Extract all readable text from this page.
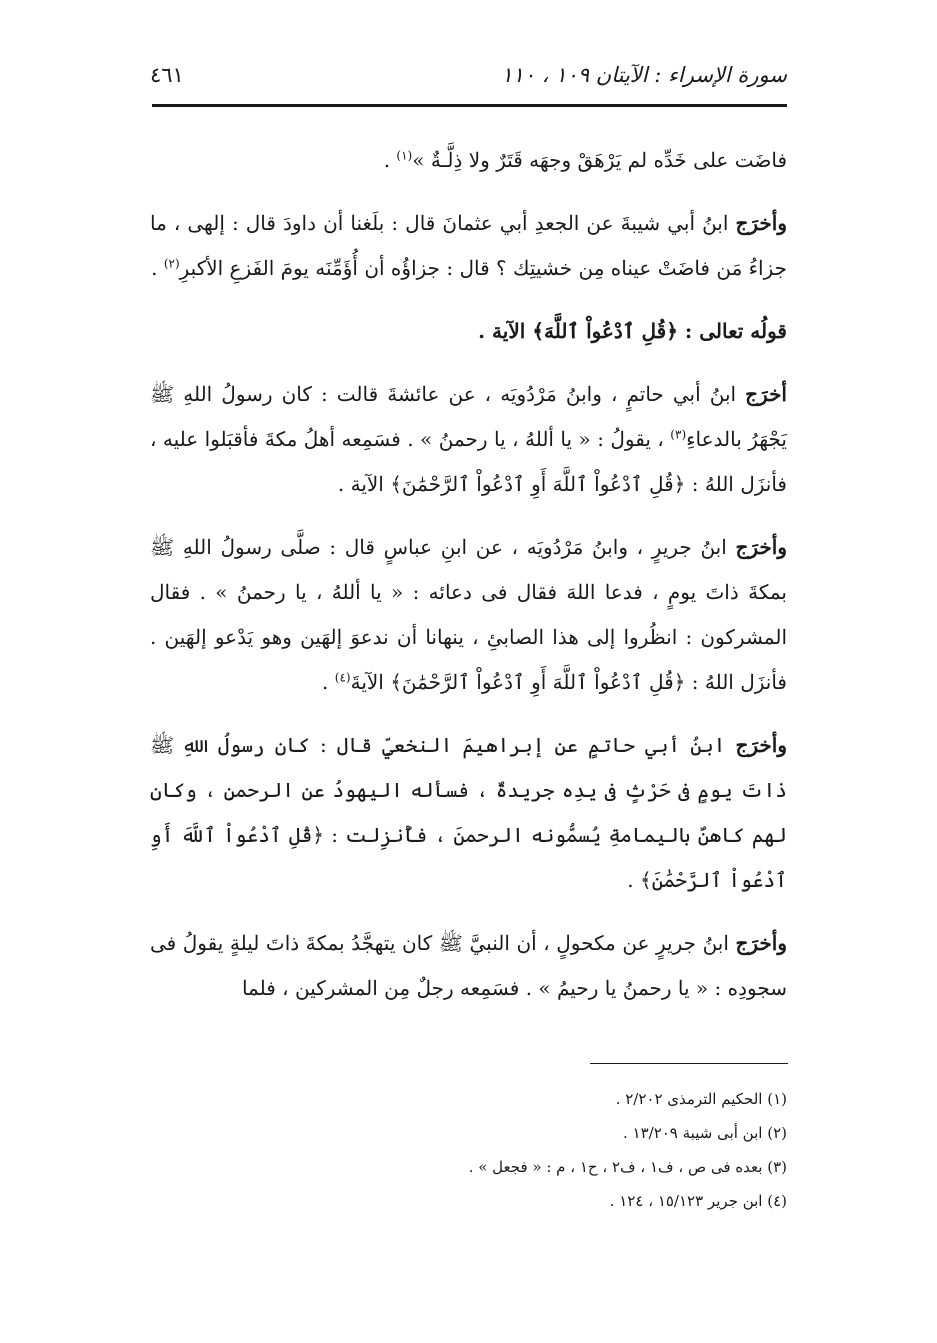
سورة الإسراء : الآيتان ١٠٩ ، ١١٠
٤٦١

فاضَت على خَدِّه لم يَرْهَقْ وجهَه قَتَرٌ ولا ذِلَّـةٌ »$^{(١)}$ .

وأخرَج ابنُ أبي شيبةَ عن الجعدِ أبي عثمانَ قال : بلَغنا أن داودَ قال : إلهى ، ما جزاءُ مَن فاضَتْ عيناه مِن خشيتِك ؟ قال : جزاؤُه أن أُؤَمِّنَه يومَ الفَزعِ الأكبرِ$^{(٢)}$ .

قولُه تعالى : ﴿قُلِ ٱدْعُواْ ٱللَّهَ﴾ الآية .

أخرَج ابنُ أبي حاتمٍ ، وابنُ مَرْدُويَه ، عن عائشةَ قالت : كان رسولُ اللهِ ﷺ يَجْهَرُ بالدعاءِ$^{(٣)}$ ، يقولُ : « يا أللهُ ، يا رحمنُ » . فسَمِعه أهلُ مكةَ فأقبَلوا عليه ، فأنزَل اللهُ : ﴿قُلِ ٱدْعُواْ ٱللَّهَ أَوِ ٱدْعُواْ ٱلرَّحْمَٰنَ﴾ الآية .

وأخرَج ابنُ جريرٍ ، وابنُ مَرْدُويَه ، عن ابنِ عباسٍ قال : صلَّى رسولُ اللهِ ﷺ بمكةَ ذاتَ يومٍ ، فدعا اللهَ فقال فى دعائه : « يا أللهُ ، يا رحمنُ » . فقال المشركون : انظُروا إلى هذا الصابئِ ، ينهانا أن ندعوَ إلهَين وهو يَدْعو إلهَين . فأنزَل اللهُ : ﴿قُلِ ٱدْعُواْ ٱللَّهَ أَوِ ٱدْعُواْ ٱلرَّحْمَٰنَ﴾ الآيةَ$^{(٤)}$ .

وأخرَج ابنُ أبي حاتمٍ عن إبراهيمَ النخعيِّ قال : كان رسولُ اللهِ ﷺ ذاتَ يومٍ فى حَرْثٍ فى يدِه جريدةٌ ، فسأله اليهودُ عن الرحمنِ ، وكان لهم كاهنٌ باليمامةِ يُسمُّونه الرحمنَ ، فأُنزِلت : ﴿قُلِ ٱدْعُواْ ٱللَّهَ أَوِ ٱدْعُواْ ٱلرَّحْمَٰنَ﴾ .

وأخرَج ابنُ جريرٍ عن مكحولٍ ، أن النبيَّ ﷺ كان يتهجَّدُ بمكةَ ذاتَ ليلةٍ يقولُ فى سجودِه : « يا رحمنُ يا رحيمُ » . فسَمِعه رجلٌ مِن المشركين ، فلما

(١) الحكيم الترمذى ٢/٢٠٢ .

(٢) ابن أبى شيبة ١٣/٢٠٩ .

(٣) بعده فى ص ، ف١ ، ف٢ ، ح١ ، م : « فجعل » .

(٤) ابن جرير ١٥/١٢٣ ، ١٢٤ .
